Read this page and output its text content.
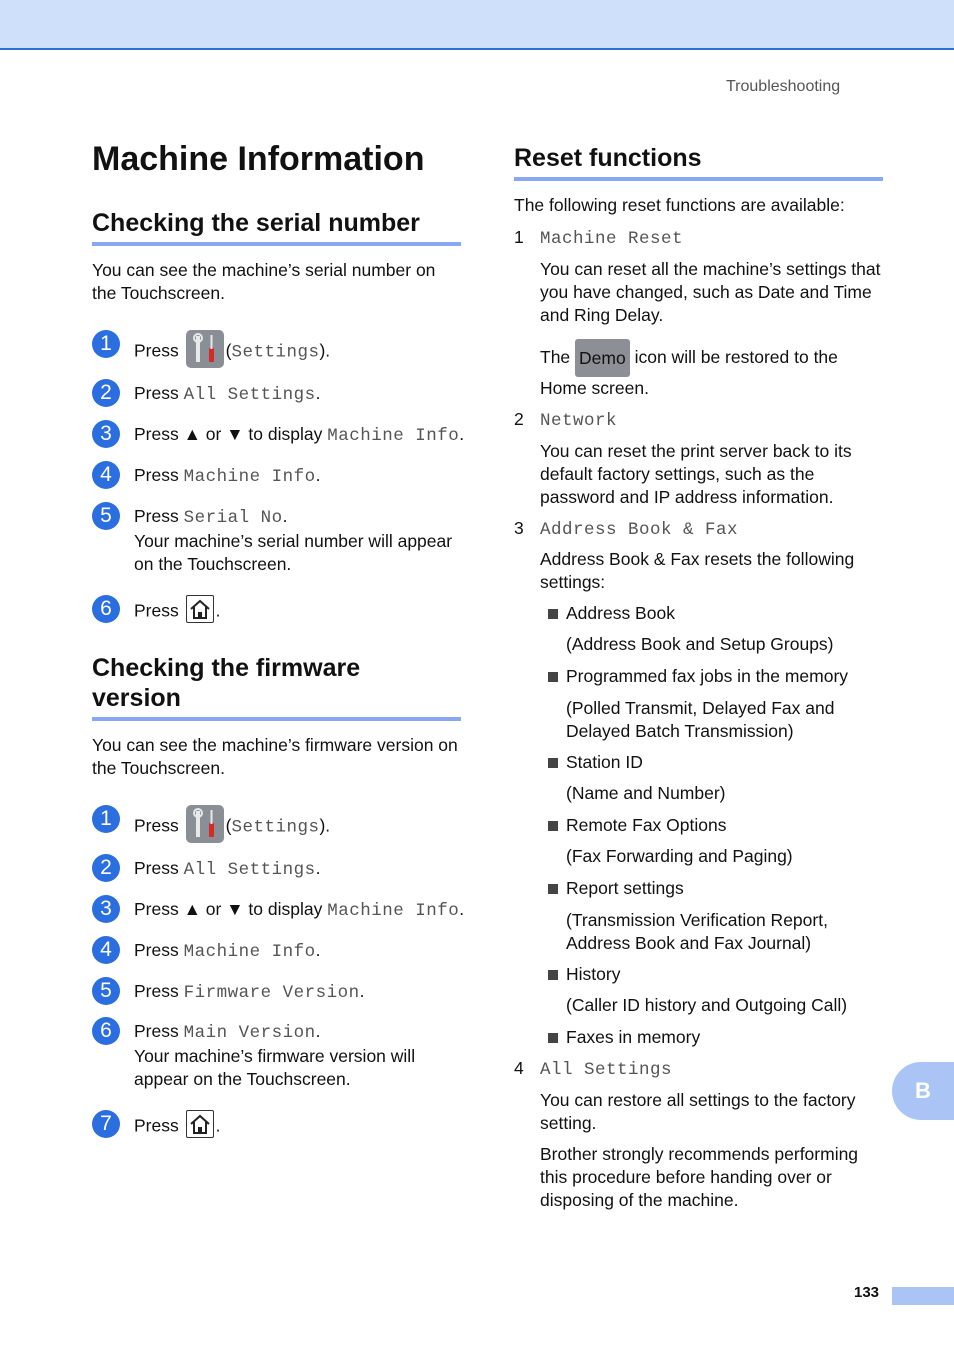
Troubleshooting
Machine Information
Checking the serial number
You can see the machine’s serial number on the Touchscreen.
1	Press	(Settings).
2	Press All Settings.
3	Press ▲ or ▼ to display Machine Info.
4	Press Machine Info.
5	Press Serial No.
Your machine’s serial number will appear on the Touchscreen.
6	Press .
Checking the firmware
version
You can see the machine’s firmware version on the Touchscreen.
1	Press	(Settings).
2	Press All Settings.
3	Press ▲ or ▼ to display Machine Info.
4	Press Machine Info.
5	Press Firmware Version.
6	Press Main Version.
Your machine’s firmware version will appear on the Touchscreen.
7	Press .
Reset functions
The following reset functions are available:
1 Machine Reset
You can reset all the machine’s settings that you have changed, such as Date and Time and Ring Delay.
The Demo icon will be restored to the
Home screen.
2 Network
You can reset the print server back to its default factory settings, such as the password and IP address information.
3 Address Book & Fax
Address Book & Fax resets the following settings:
Address Book
(Address Book and Setup Groups)
Programmed fax jobs in the memory
(Polled Transmit, Delayed Fax and Delayed Batch Transmission)
Station ID
(Name and Number)
Remote Fax Options
(Fax Forwarding and Paging)
Report settings
(Transmission Verification Report, Address Book and Fax Journal)
History
(Caller ID history and Outgoing Call)
Faxes in memory
4 All Settings
You can restore all settings to the factory setting.
Brother strongly recommends performing this procedure before handing over or disposing of the machine.
B
133
